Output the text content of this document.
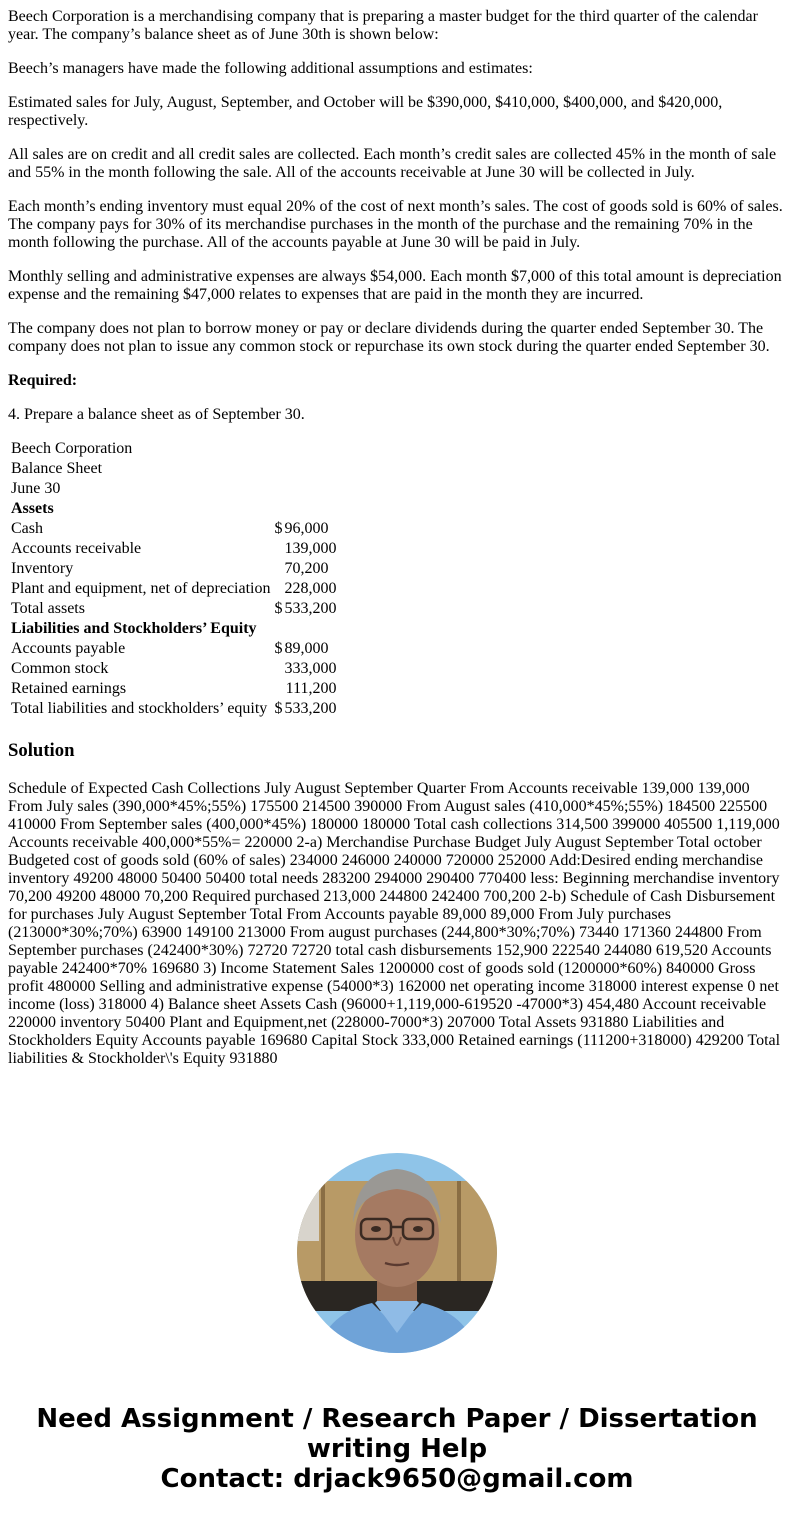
Beech Corporation is a merchandising company that is preparing a master budget for the third quarter of the calendar year. The company’s balance sheet as of June 30th is shown below:

Beech’s managers have made the following additional assumptions and estimates:

Estimated sales for July, August, September, and October will be $390,000, $410,000, $400,000, and $420,000, respectively.

All sales are on credit and all credit sales are collected. Each month’s credit sales are collected 45% in the month of sale and 55% in the month following the sale. All of the accounts receivable at June 30 will be collected in July.

Each month’s ending inventory must equal 20% of the cost of next month’s sales. The cost of goods sold is 60% of sales. The company pays for 30% of its merchandise purchases in the month of the purchase and the remaining 70% in the month following the purchase. All of the accounts payable at June 30 will be paid in July.

Monthly selling and administrative expenses are always $54,000. Each month $7,000 of this total amount is depreciation expense and the remaining $47,000 relates to expenses that are paid in the month they are incurred.

The company does not plan to borrow money or pay or declare dividends during the quarter ended September 30. The company does not plan to issue any common stock or repurchase its own stock during the quarter ended September 30.

Required:

4. Prepare a balance sheet as of September 30.

Beech Corporation		
Balance Sheet		
June 30		
Assets		
Cash	$	96,000
Accounts receivable		139,000
Inventory		70,200
Plant and equipment, net of depreciation		228,000
Total assets	$	533,200
Liabilities and Stockholders’ Equity		
Accounts payable	$	89,000
Common stock		333,000
Retained earnings		111,200
Total liabilities and stockholders’ equity	$	533,200
Solution

Schedule of Expected Cash Collections July August September Quarter From Accounts receivable 139,000 139,000 From July sales (390,000*45%;55%) 175500 214500 390000 From August sales (410,000*45%;55%) 184500 225500 410000 From September sales (400,000*45%) 180000 180000 Total cash collections 314,500 399000 405500 1,119,000 Accounts receivable 400,000*55%= 220000 2-a) Merchandise Purchase Budget July August September Total october Budgeted cost of goods sold (60% of sales) 234000 246000 240000 720000 252000 Add:Desired ending merchandise inventory 49200 48000 50400 50400 total needs 283200 294000 290400 770400 less: Beginning merchandise inventory 70,200 49200 48000 70,200 Required purchased 213,000 244800 242400 700,200 2-b) Schedule of Cash Disbursement for purchases July August September Total From Accounts payable 89,000 89,000 From July purchases (213000*30%;70%) 63900 149100 213000 From august purchases (244,800*30%;70%) 73440 171360 244800 From September purchases (242400*30%) 72720 72720 total cash disbursements 152,900 222540 244080 619,520 Accounts payable 242400*70% 169680 3) Income Statement Sales 1200000 cost of goods sold (1200000*60%) 840000 Gross profit 480000 Selling and administrative expense (54000*3) 162000 net operating income 318000 interest expense 0 net income (loss) 318000 4) Balance sheet Assets Cash (96000+1,119,000-619520 -47000*3) 454,480 Account receivable 220000 inventory 50400 Plant and Equipment,net (228000-7000*3) 207000 Total Assets 931880 Liabilities and Stockholders Equity Accounts payable 169680 Capital Stock 333,000 Retained earnings (111200+318000) 429200 Total liabilities & Stockholder\'s Equity 931880

Need Assignment / Research Paper / Dissertation
writing Help
Contact: drjack9650@gmail.com
